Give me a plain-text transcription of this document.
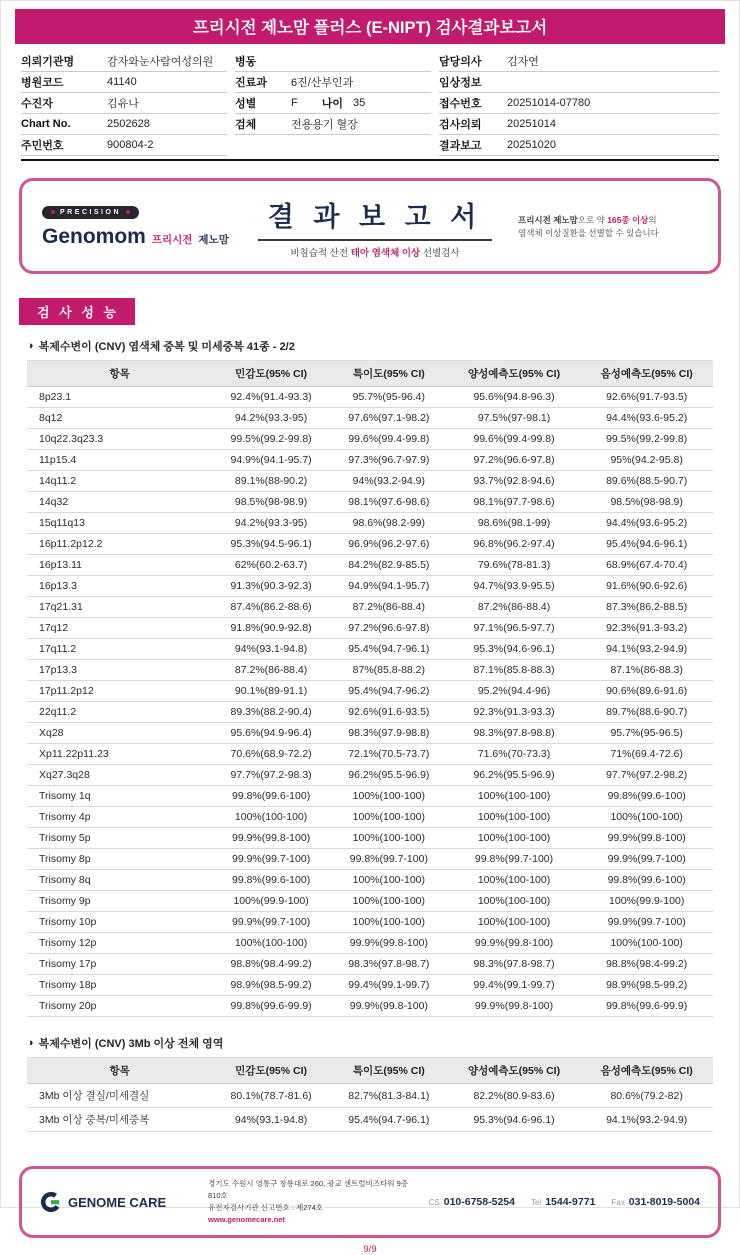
프리시전 제노맘 플러스 (E-NIPT) 검사결과보고서
의뢰기관명	감자와눈사람여성의원
병원코드	41140
수진자	김유나
Chart No.	2502628
주민번호	900804-2
병동
진료과	6진/산부인과
성별	F 나이 35
검체	전용용기 혈장
담당의사	김자연
임상정보
접수번호	20251014-07780
검사의뢰	20251014
결과보고	20251020
PRECISION
Genomom 프리시전 제노맘
결 과 보 고 서
비침습적 산전 태아 염색체 이상 선별검사
프리시전 제노맘으로 약 165종 이상의
염색체 이상질환을 선별할 수 있습니다
검 사 성 능
◑ 복제수변이 (CNV) 염색체 중복 및 미세중복 41종 - 2/2
항목	민감도(95% CI)	특이도(95% CI)	양성예측도(95% CI)	음성예측도(95% CI)
8p23.1	92.4%(91.4-93.3)	95.7%(95-96.4)	95.6%(94.8-96.3)	92.6%(91.7-93.5)
8q12	94.2%(93.3-95)	97.6%(97.1-98.2)	97.5%(97-98.1)	94.4%(93.6-95.2)
10q22.3q23.3	99.5%(99.2-99.8)	99.6%(99.4-99.8)	99.6%(99.4-99.8)	99.5%(99.2-99.8)
11p15.4	94.9%(94.1-95.7)	97.3%(96.7-97.9)	97.2%(96.6-97.8)	95%(94.2-95.8)
14q11.2	89.1%(88-90.2)	94%(93.2-94.9)	93.7%(92.8-94.6)	89.6%(88.5-90.7)
14q32	98.5%(98-98.9)	98.1%(97.6-98.6)	98.1%(97.7-98.6)	98.5%(98-98.9)
15q11q13	94.2%(93.3-95)	98.6%(98.2-99)	98.6%(98.1-99)	94.4%(93.6-95.2)
16p11.2p12.2	95.3%(94.5-96.1)	96.9%(96.2-97.6)	96.8%(96.2-97.4)	95.4%(94.6-96.1)
16p13.11	62%(60.2-63.7)	84.2%(82.9-85.5)	79.6%(78-81.3)	68.9%(67.4-70.4)
16p13.3	91.3%(90.3-92.3)	94.9%(94.1-95.7)	94.7%(93.9-95.5)	91.6%(90.6-92.6)
17q21.31	87.4%(86.2-88.6)	87.2%(86-88.4)	87.2%(86-88.4)	87.3%(86.2-88.5)
17q12	91.8%(90.9-92.8)	97.2%(96.6-97.8)	97.1%(96.5-97.7)	92.3%(91.3-93.2)
17q11.2	94%(93.1-94.8)	95.4%(94.7-96.1)	95.3%(94.6-96.1)	94.1%(93.2-94.9)
17p13.3	87.2%(86-88.4)	87%(85.8-88.2)	87.1%(85.8-88.3)	87.1%(86-88.3)
17p11.2p12	90.1%(89-91.1)	95.4%(94.7-96.2)	95.2%(94.4-96)	90.6%(89.6-91.6)
22q11.2	89.3%(88.2-90.4)	92.6%(91.6-93.5)	92.3%(91.3-93.3)	89.7%(88.6-90.7)
Xq28	95.6%(94.9-96.4)	98.3%(97.9-98.8)	98.3%(97.8-98.8)	95.7%(95-96.5)
Xp11.22p11.23	70.6%(68.9-72.2)	72.1%(70.5-73.7)	71.6%(70-73.3)	71%(69.4-72.6)
Xq27.3q28	97.7%(97.2-98.3)	96.2%(95.5-96.9)	96.2%(95.5-96.9)	97.7%(97.2-98.2)
Trisomy 1q	99.8%(99.6-100)	100%(100-100)	100%(100-100)	99.8%(99.6-100)
Trisomy 4p	100%(100-100)	100%(100-100)	100%(100-100)	100%(100-100)
Trisomy 5p	99.9%(99.8-100)	100%(100-100)	100%(100-100)	99.9%(99.8-100)
Trisomy 8p	99.9%(99.7-100)	99.8%(99.7-100)	99.8%(99.7-100)	99.9%(99.7-100)
Trisomy 8q	99.8%(99.6-100)	100%(100-100)	100%(100-100)	99.8%(99.6-100)
Trisomy 9p	100%(99.9-100)	100%(100-100)	100%(100-100)	100%(99.9-100)
Trisomy 10p	99.9%(99.7-100)	100%(100-100)	100%(100-100)	99.9%(99.7-100)
Trisomy 12p	100%(100-100)	99.9%(99.8-100)	99.9%(99.8-100)	100%(100-100)
Trisomy 17p	98.8%(98.4-99.2)	98.3%(97.8-98.7)	98.3%(97.8-98.7)	98.8%(98.4-99.2)
Trisomy 18p	98.9%(98.5-99.2)	99.4%(99.1-99.7)	99.4%(99.1-99.7)	98.9%(98.5-99.2)
Trisomy 20p	99.8%(99.6-99.9)	99.9%(99.8-100)	99.9%(99.8-100)	99.8%(99.6-99.9)
◑ 복제수변이 (CNV) 3Mb 이상 전체 영역
항목	민감도(95% CI)	특이도(95% CI)	양성예측도(95% CI)	음성예측도(95% CI)
3Mb 이상 결실/미세결실	80.1%(78.7-81.6)	82.7%(81.3-84.1)	82.2%(80.9-83.6)	80.6%(79.2-82)
3Mb 이상 중복/미세중복	94%(93.1-94.8)	95.4%(94.7-96.1)	95.3%(94.6-96.1)	94.1%(93.2-94.9)
GENOME CARE
경기도 수원시 영통구 창룡대로 260, 광교 센트럴비즈타워 9층 810호
유전자검사기관 신고번호 : 제274호
www.genomecare.net
CS 010-6758-5254 Tel 1544-9771 Fax 031-8019-5004
9/9
